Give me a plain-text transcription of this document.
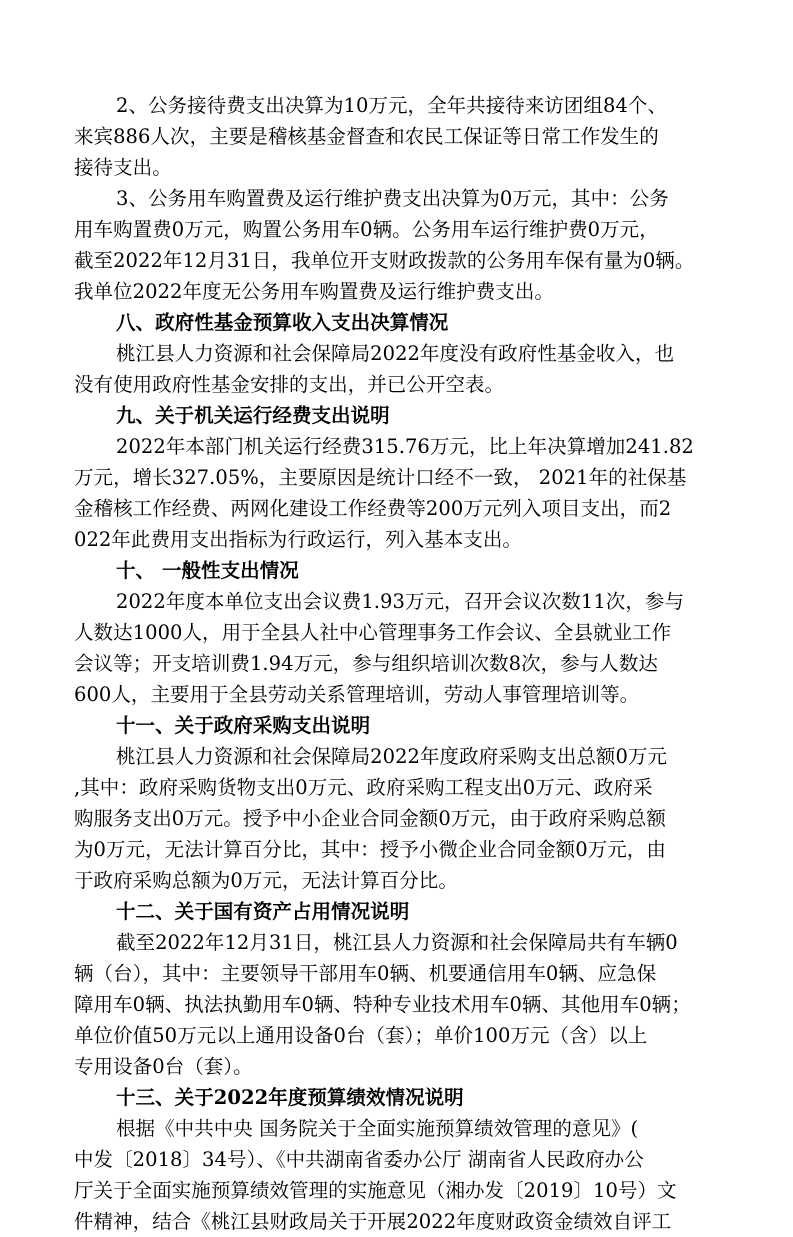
2、公务接待费支出决算为10万元，全年共接待来访团组84个、
来宾886人次，主要是稽核基金督查和农民工保证等日常工作发生的
接待支出。
3、公务用车购置费及运行维护费支出决算为0万元，其中：公务
用车购置费0万元，购置公务用车0辆。公务用车运行维护费0万元，
截至2022年12月31日，我单位开支财政拨款的公务用车保有量为0辆。
我单位2022年度无公务用车购置费及运行维护费支出。
八、政府性基金预算收入支出决算情况
桃江县人力资源和社会保障局2022年度没有政府性基金收入，也
没有使用政府性基金安排的支出，并已公开空表。
九、关于机关运行经费支出说明
2022年本部门机关运行经费315.76万元，比上年决算增加241.82
万元，增长327.05%，主要原因是统计口经不一致， 2021年的社保基
金稽核工作经费、两网化建设工作经费等200万元列入项目支出，而2
022年此费用支出指标为行政运行，列入基本支出。
十、 一般性支出情况
2022年度本单位支出会议费1.93万元，召开会议次数11次，参与
人数达1000人，用于全县人社中心管理事务工作会议、全县就业工作
会议等；开支培训费1.94万元，参与组织培训次数8次，参与人数达
600人，主要用于全县劳动关系管理培训，劳动人事管理培训等。
十一、关于政府采购支出说明
桃江县人力资源和社会保障局2022年度政府采购支出总额0万元
,其中：政府采购货物支出0万元、政府采购工程支出0万元、政府采
购服务支出0万元。授予中小企业合同金额0万元，由于政府采购总额
为0万元，无法计算百分比，其中：授予小微企业合同金额0万元，由
于政府采购总额为0万元，无法计算百分比。
十二、关于国有资产占用情况说明
截至2022年12月31日，桃江县人力资源和社会保障局共有车辆0
辆（台），其中：主要领导干部用车0辆、机要通信用车0辆、应急保
障用车0辆、执法执勤用车0辆、特种专业技术用车0辆、其他用车0辆；
单位价值50万元以上通用设备0台（套）；单价100万元（含）以上
专用设备0台（套）。
十三、关于2022年度预算绩效情况说明
根据《中共中央 国务院关于全面实施预算绩效管理的意见》(
中发〔2018〕34号）、《中共湖南省委办公厅 湖南省人民政府办公
厅关于全面实施预算绩效管理的实施意见（湘办发〔2019〕10号）文
件精神，结合《桃江县财政局关于开展2022年度财政资金绩效自评工
